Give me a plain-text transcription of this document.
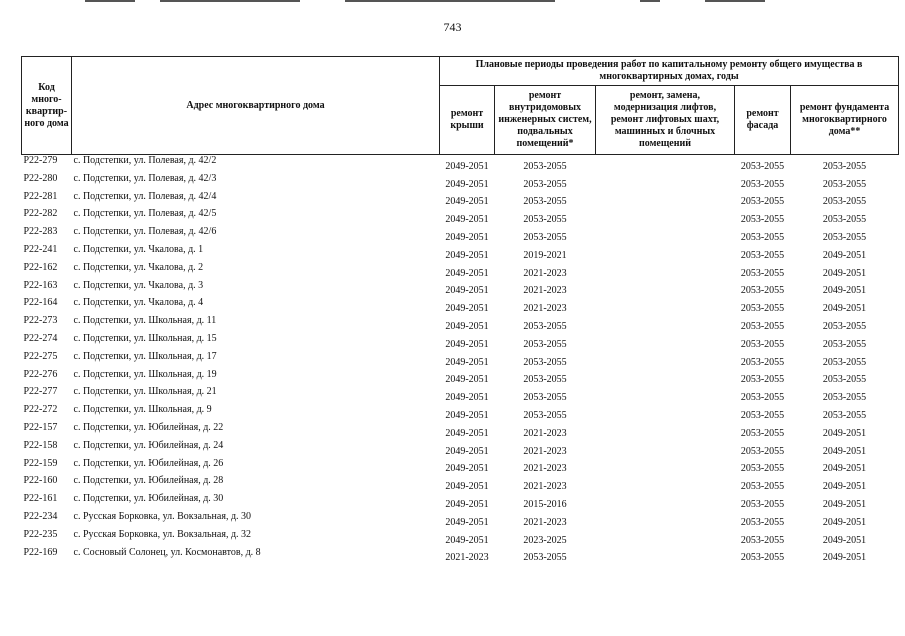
743
Код много-квартир-ного дома	Адрес многоквартирного дома	Плановые периоды проведения работ по капитальному ремонту общего имущества в многоквартирных домах, годы				
		ремонт крыши	ремонт внутридомовых инженерных систем, подвальных помещений*	ремонт, замена, модернизация лифтов, ремонт лифтовых шахт, машинных и блочных помещений	ремонт фасада	ремонт фундамента многоквартирного дома**
P22-279	с. Подстепки, ул. Полевая, д. 42/2	2049-2051	2053-2055		2053-2055	2053-2055
P22-280	с. Подстепки, ул. Полевая, д. 42/3	2049-2051	2053-2055		2053-2055	2053-2055
P22-281	с. Подстепки, ул. Полевая, д. 42/4	2049-2051	2053-2055		2053-2055	2053-2055
P22-282	с. Подстепки, ул. Полевая, д. 42/5	2049-2051	2053-2055		2053-2055	2053-2055
P22-283	с. Подстепки, ул. Полевая, д. 42/6	2049-2051	2053-2055		2053-2055	2053-2055
P22-241	с. Подстепки, ул. Чкалова, д. 1	2049-2051	2019-2021		2053-2055	2049-2051
P22-162	с. Подстепки, ул. Чкалова, д. 2	2049-2051	2021-2023		2053-2055	2049-2051
P22-163	с. Подстепки, ул. Чкалова, д. 3	2049-2051	2021-2023		2053-2055	2049-2051
P22-164	с. Подстепки, ул. Чкалова, д. 4	2049-2051	2021-2023		2053-2055	2049-2051
P22-273	с. Подстепки, ул. Школьная, д. 11	2049-2051	2053-2055		2053-2055	2053-2055
P22-274	с. Подстепки, ул. Школьная, д. 15	2049-2051	2053-2055		2053-2055	2053-2055
P22-275	с. Подстепки, ул. Школьная, д. 17	2049-2051	2053-2055		2053-2055	2053-2055
P22-276	с. Подстепки, ул. Школьная, д. 19	2049-2051	2053-2055		2053-2055	2053-2055
P22-277	с. Подстепки, ул. Школьная, д. 21	2049-2051	2053-2055		2053-2055	2053-2055
P22-272	с. Подстепки, ул. Школьная, д. 9	2049-2051	2053-2055		2053-2055	2053-2055
P22-157	с. Подстепки, ул. Юбилейная, д. 22	2049-2051	2021-2023		2053-2055	2049-2051
P22-158	с. Подстепки, ул. Юбилейная, д. 24	2049-2051	2021-2023		2053-2055	2049-2051
P22-159	с. Подстепки, ул. Юбилейная, д. 26	2049-2051	2021-2023		2053-2055	2049-2051
P22-160	с. Подстепки, ул. Юбилейная, д. 28	2049-2051	2021-2023		2053-2055	2049-2051
P22-161	с. Подстепки, ул. Юбилейная, д. 30	2049-2051	2015-2016		2053-2055	2049-2051
P22-234	с. Русская Борковка, ул. Вокзальная, д. 30	2049-2051	2021-2023		2053-2055	2049-2051
P22-235	с. Русская Борковка, ул. Вокзальная, д. 32	2049-2051	2023-2025		2053-2055	2049-2051
P22-169	с. Сосновый Солонец, ул. Космонавтов, д. 8	2021-2023	2053-2055		2053-2055	2049-2051
